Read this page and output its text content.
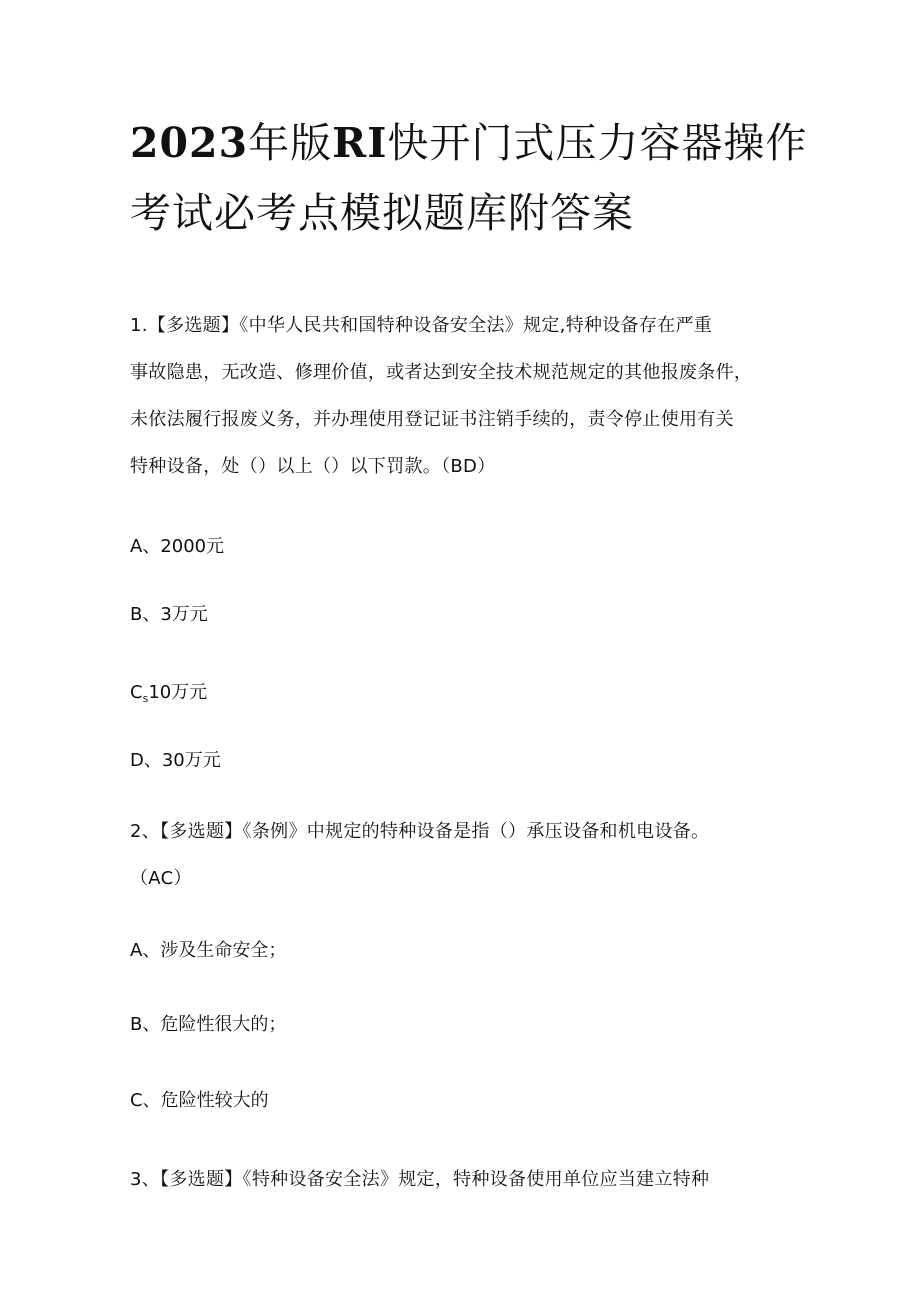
2023年版RI快开门式压力容器操作
考试必考点模拟题库附答案
1.【多选题】《中华人民共和国特种设备安全法》规定,特种设备存在严重
事故隐患，无改造、修理价值，或者达到安全技术规范规定的其他报废条件，
未依法履行报废义务，并办理使用登记证书注销手续的，责令停止使用有关
特种设备，处（）以上（）以下罚款。（BD）
A、2000元
B、3万元
$C_s10$万元
D、30万元
2、【多选题】《条例》中规定的特种设备是指（）承压设备和机电设备。
（AC）
A、涉及生命安全；
B、危险性很大的；
C、危险性较大的
3、【多选题】《特种设备安全法》规定，特种设备使用单位应当建立特种
